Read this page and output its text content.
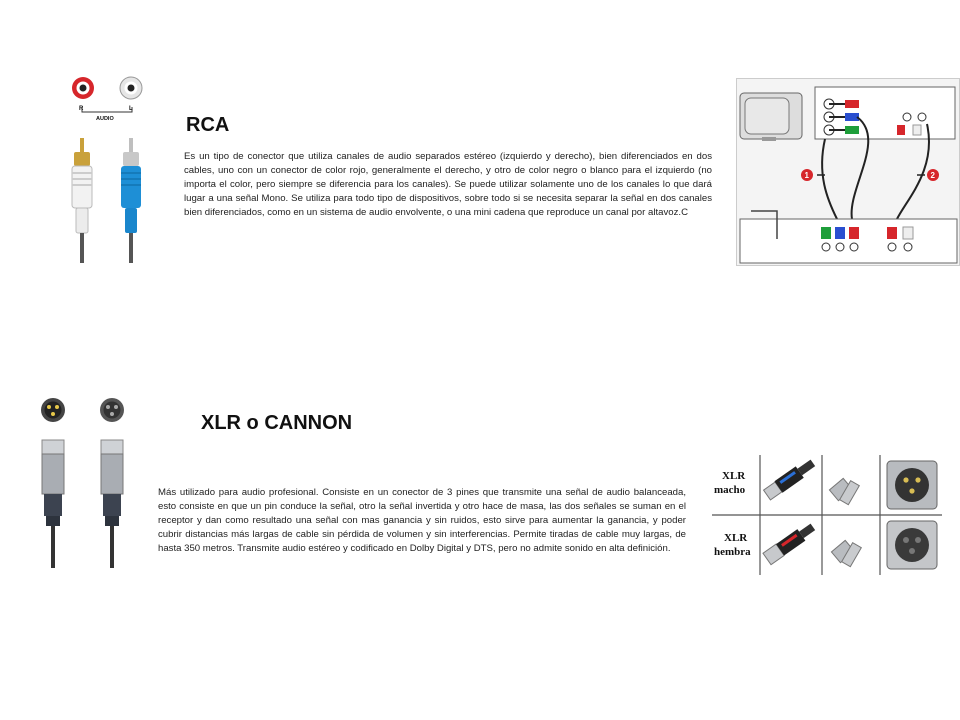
R	L
AUDIO	RCA
Es un tipo de conector que utiliza canales de audio separados estéreo (izquierdo y derecho), bien diferenciados en dos cables, uno con un conector de color rojo, generalmente el derecho, y otro de color negro o blanco para el izquierdo (no importa el color, pero siempre se diferencia para los canales). Se puede utilizar solamente uno de los canales lo que dará lugar a una señal Mono. Se utiliza para todo tipo de dispositivos, sobre todo si se necesita separar la señal en dos canales bien diferenciados, como en un sistema de audio envolvente, o una mini cadena que reproduce un canal por altavoz.C
1	2
XLR o CANNON
Más utilizado para audio profesional. Consiste en un conector de 3 pines que transmite una señal de audio balanceada, esto consiste en que un pin conduce la señal, otro la señal invertida y otro hace de masa, las dos señales se suman en el receptor y dan como resultado una señal con mas ganancia y sin ruidos, esto sirve para aumentar la ganancia, y poder cubrir distancias más largas de cable sin pérdida de volumen y sin interferencias. Permite tiradas de cable muy largas, de hasta 350 metros. Transmite audio estéreo y codificado en Dolby Digital y DTS, pero no admite sonido en alta definición.
XLR
macho
XLR
hembra
